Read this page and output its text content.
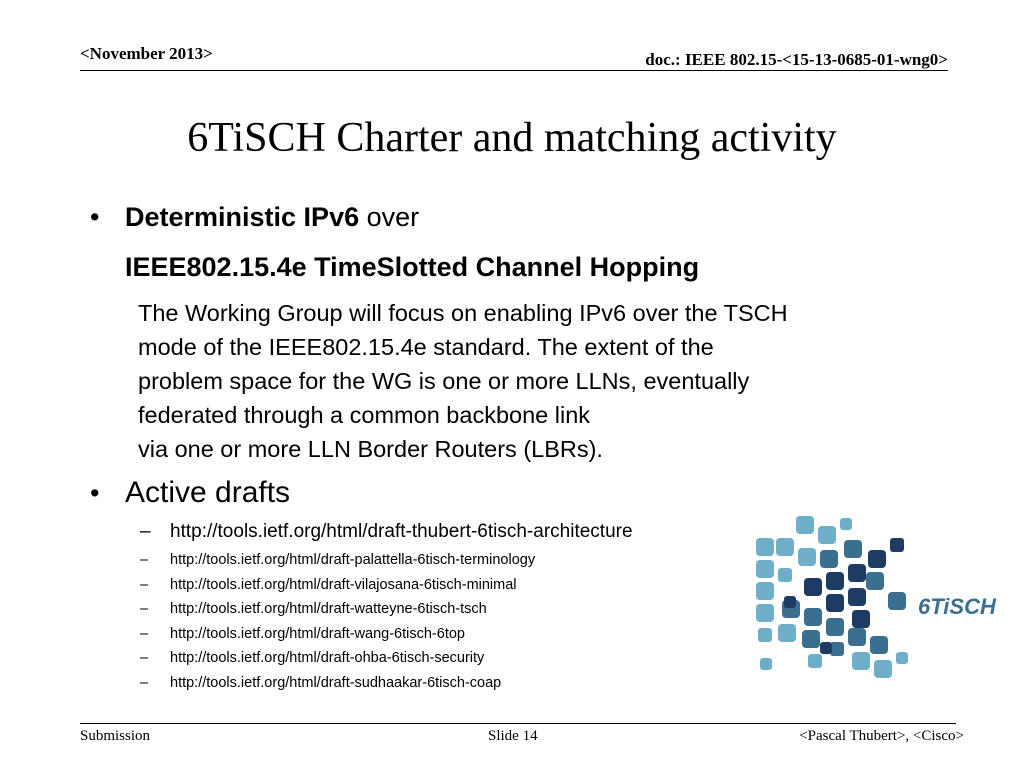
<November 2013>	doc.: IEEE 802.15-<15-13-0685-01-wng0>
6TiSCH Charter and matching activity
• Deterministic IPv6 over
IEEE802.15.4e TimeSlotted Channel Hopping
The Working Group will focus on enabling IPv6 over the TSCH
mode of the IEEE802.15.4e standard. The extent of the
problem space for the WG is one or more LLNs, eventually
federated through a common backbone link
via one or more LLN Border Routers (LBRs).
• Active drafts
– http://tools.ietf.org/html/draft-thubert-6tisch-architecture
– http://tools.ietf.org/html/draft-palattella-6tisch-terminology
– http://tools.ietf.org/html/draft-vilajosana-6tisch-minimal
– http://tools.ietf.org/html/draft-watteyne-6tisch-tsch
– http://tools.ietf.org/html/draft-wang-6tisch-6top
– http://tools.ietf.org/html/draft-ohba-6tisch-security
– http://tools.ietf.org/html/draft-sudhaakar-6tisch-coap
6TiSCH
Submission	Slide 14	<Pascal Thubert>, <Cisco>
